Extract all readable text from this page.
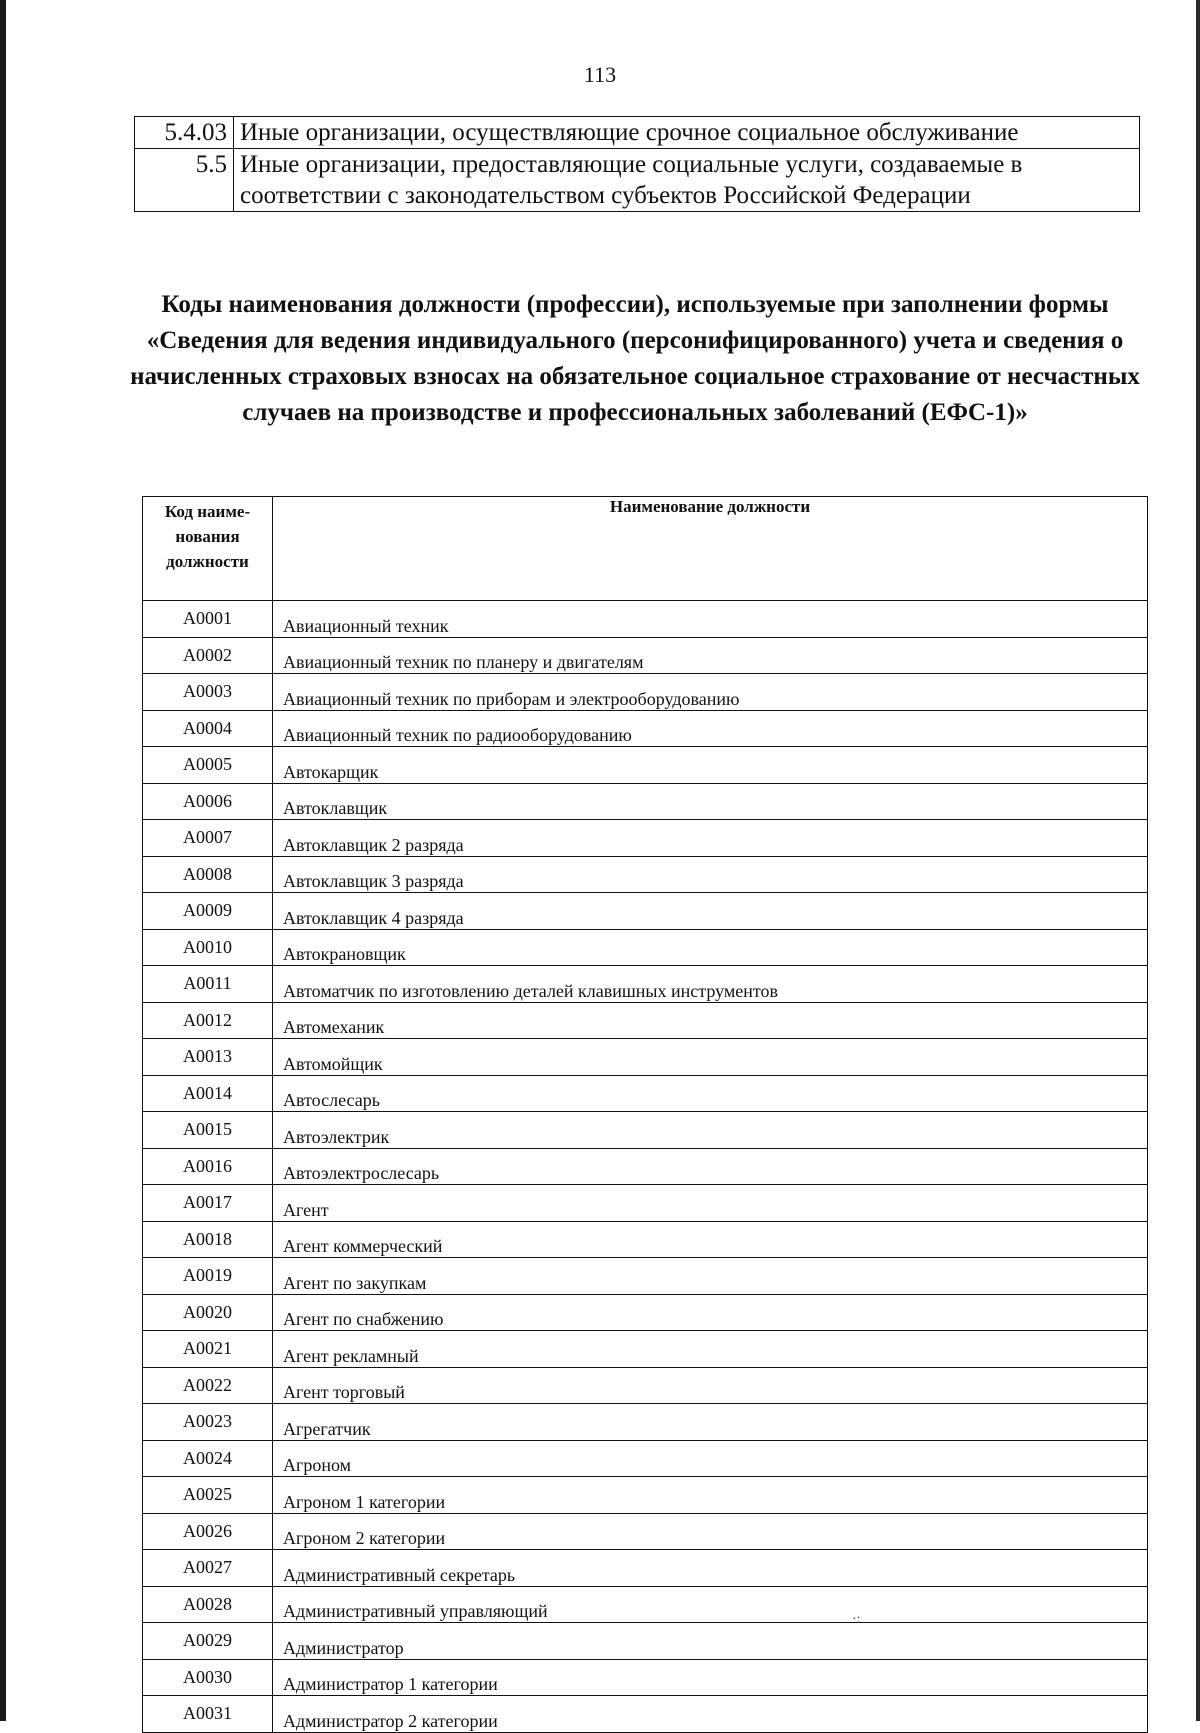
113
5.4.03	Иные организации, осуществляющие срочное социальное обслуживание
5.5	Иные организации, предоставляющие социальные услуги, создаваемые в соответствии с законодательством субъектов Российской Федерации
Коды наименования должности (профессии), используемые при заполнении формы «Сведения для ведения индивидуального (персонифицированного) учета и сведения о начисленных страховых взносах на обязательное социальное страхование от несчастных случаев на производстве и профессиональных заболеваний (ЕФС-1)»
Код наиме-нования должности	Наименование должности
А0001	Авиационный техник
А0002	Авиационный техник по планеру и двигателям
А0003	Авиационный техник по приборам и электрооборудованию
А0004	Авиационный техник по радиооборудованию
А0005	Автокарщик
А0006	Автоклавщик
А0007	Автоклавщик 2 разряда
А0008	Автоклавщик 3 разряда
А0009	Автоклавщик 4 разряда
А0010	Автокрановщик
А0011	Автоматчик по изготовлению деталей клавишных инструментов
А0012	Автомеханик
А0013	Автомойщик
А0014	Автослесарь
А0015	Автоэлектрик
А0016	Автоэлектрослесарь
А0017	Агент
А0018	Агент коммерческий
А0019	Агент по закупкам
А0020	Агент по снабжению
А0021	Агент рекламный
А0022	Агент торговый
А0023	Агрегатчик
А0024	Агроном
А0025	Агроном 1 категории
А0026	Агроном 2 категории
А0027	Административный секретарь
А0028	Административный управляющий
А0029	Администратор
А0030	Администратор 1 категории
А0031	Администратор 2 категории
·:
